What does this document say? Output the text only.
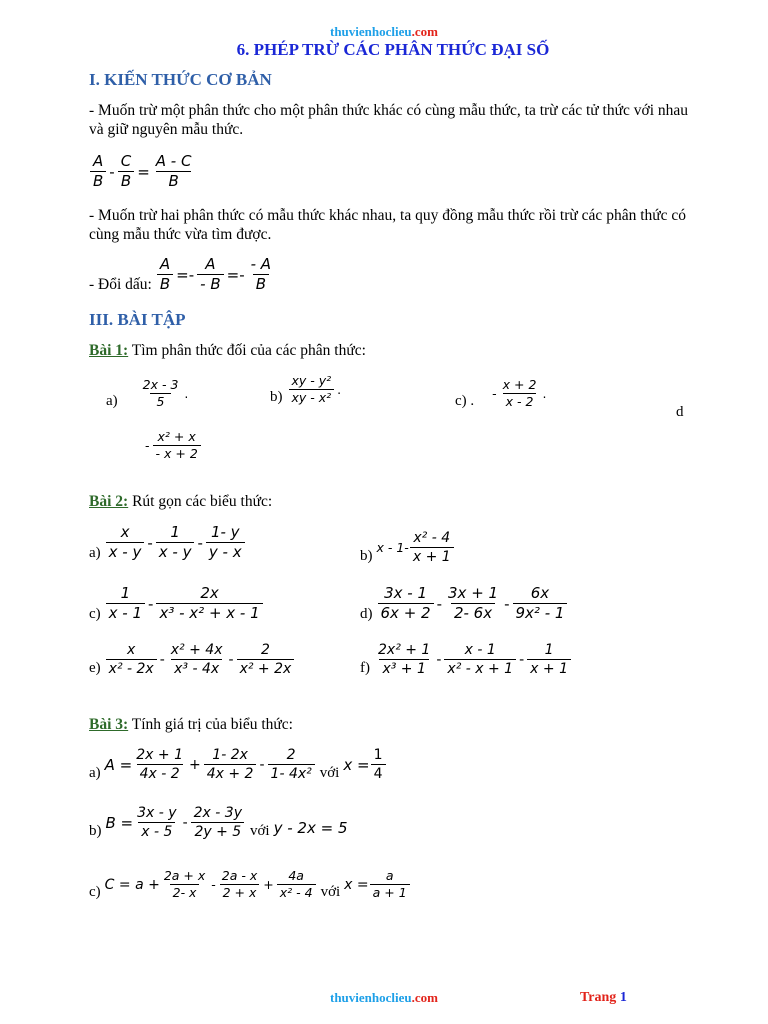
thuvienhoclieu.com
6. PHÉP TRỪ CÁC PHÂN THỨC ĐẠI SỐ
I. KIẾN THỨC CƠ BẢN
- Muốn trừ một phân thức cho một phân thức khác có cùng mẫu thức, ta trừ các tử thức với nhau và giữ nguyên mẫu thức.
$\frac{A}{B} - \frac{C}{B} = \frac{A - C}{B}$
- Muốn trừ hai phân thức có mẫu thức khác nhau, ta quy đồng mẫu thức rồi trừ các phân thức có cùng mẫu thức vừa tìm được.
- Đổi dấu: $\frac{A}{B} =- \frac{A}{- B} =- \frac{- A}{B}$
III. BÀI TẬP
Bài 1: Tìm phân thức đối của các phân thức:
$a) \frac{2x - 3}{5}$ .	$b) \frac{\text{xy - y²}}{\text{xy - x²}}$ .
c) . - $\frac{x + 2}{x - 2}$ .
d
- $\frac{\text{x² + x}}{- x + 2}$
Bài 2: Rút gọn các biểu thức:
$a) \frac{x}{x - y} - \frac{1}{x - y} - \frac{1- y}{y - x}$	b)
x - $1- \frac{\text{x² - 4}}{x + 1}$
$c) \frac{1}{x - 1} - \frac{2x}{\text{x³ - x² + x - 1}}$	$d) \frac{3x - 1}{6x + 2} - \frac{3x + 1}{2- 6x} - \frac{6x}{\text{9x² - 1}}$
$e) \frac{x}{\text{x² - 2x}} - \frac{\text{x² + 4x}}{\text{x³ - 4x}} - \frac{2}{\text{x² + 2x}}$	$f) \frac{\text{2x² + 1}}{\text{x³ + 1}} - \frac{x - 1}{\text{x² - x + 1}} - \frac{1}{x + 1}$
Bài 3: Tính giá trị của biểu thức:
a) $A = \frac{2x + 1}{4x - 2} + \frac{1- 2x}{4x + 2} - \frac{2}{\text{1- 4x²}}$ với $x = \frac{1}{4}$
b) $B = \frac{3x - y}{x - 5} - \frac{2x - 3y}{2y + 5}$ với y - 2x = 5
c) $C = a + \frac{2a + x}{2- x} - \frac{2a - x}{2 + x} + \frac{4a}{\text{x² - 4}}$ với $x = \frac{a}{a + 1}$
thuvienhoclieu.com	Trang 1
